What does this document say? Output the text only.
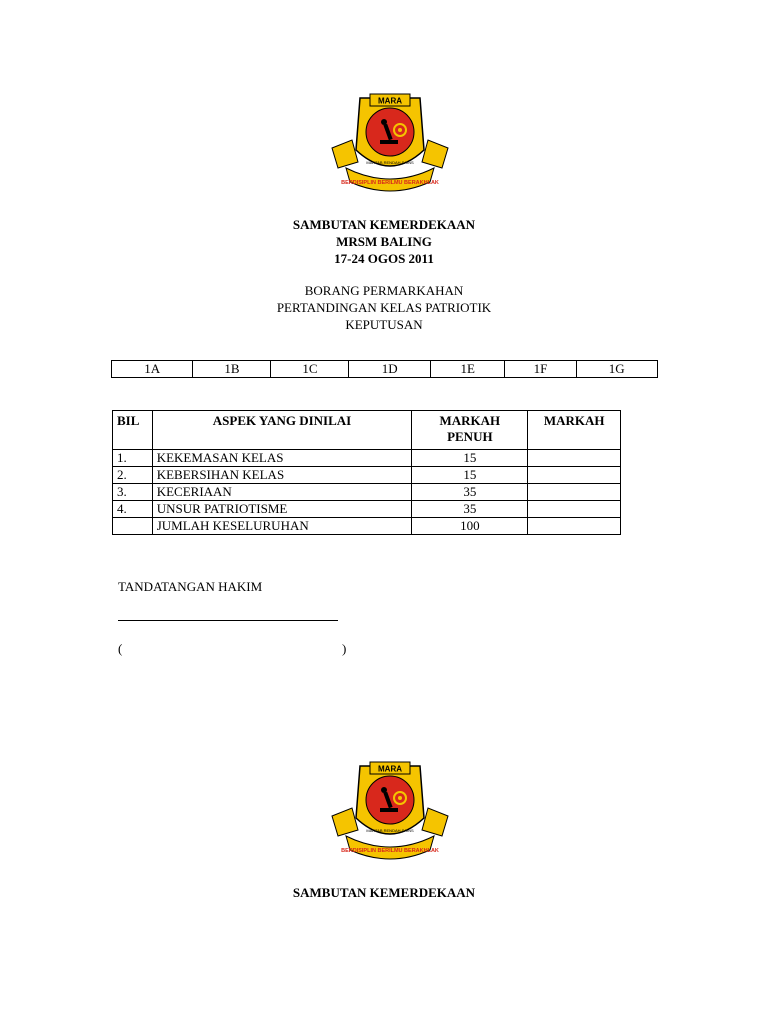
MARA
MAKTAB RENDAH SAINS
BERDISIPLIN BERILMU BERAKHLAK
SAMBUTAN KEMERDEKAAN
MRSM BALING
17-24 OGOS 2011
BORANG PERMARKAHAN
PERTANDINGAN KELAS PATRIOTIK
KEPUTUSAN
1A	1B	1C	1D	1E	1F	1G
BIL	ASPEK YANG DINILAI	MARKAH PENUH	MARKAH
1.	KEKEMASAN KELAS	15	
2.	KEBERSIHAN KELAS	15	
3.	KECERIAAN	35	
4.	UNSUR PATRIOTISME	35	
	JUMLAH KESELURUHAN	100	
TANDATANGAN HAKIM
(	)
MARA
MAKTAB RENDAH SAINS
BERDISIPLIN BERILMU BERAKHLAK
SAMBUTAN KEMERDEKAAN
